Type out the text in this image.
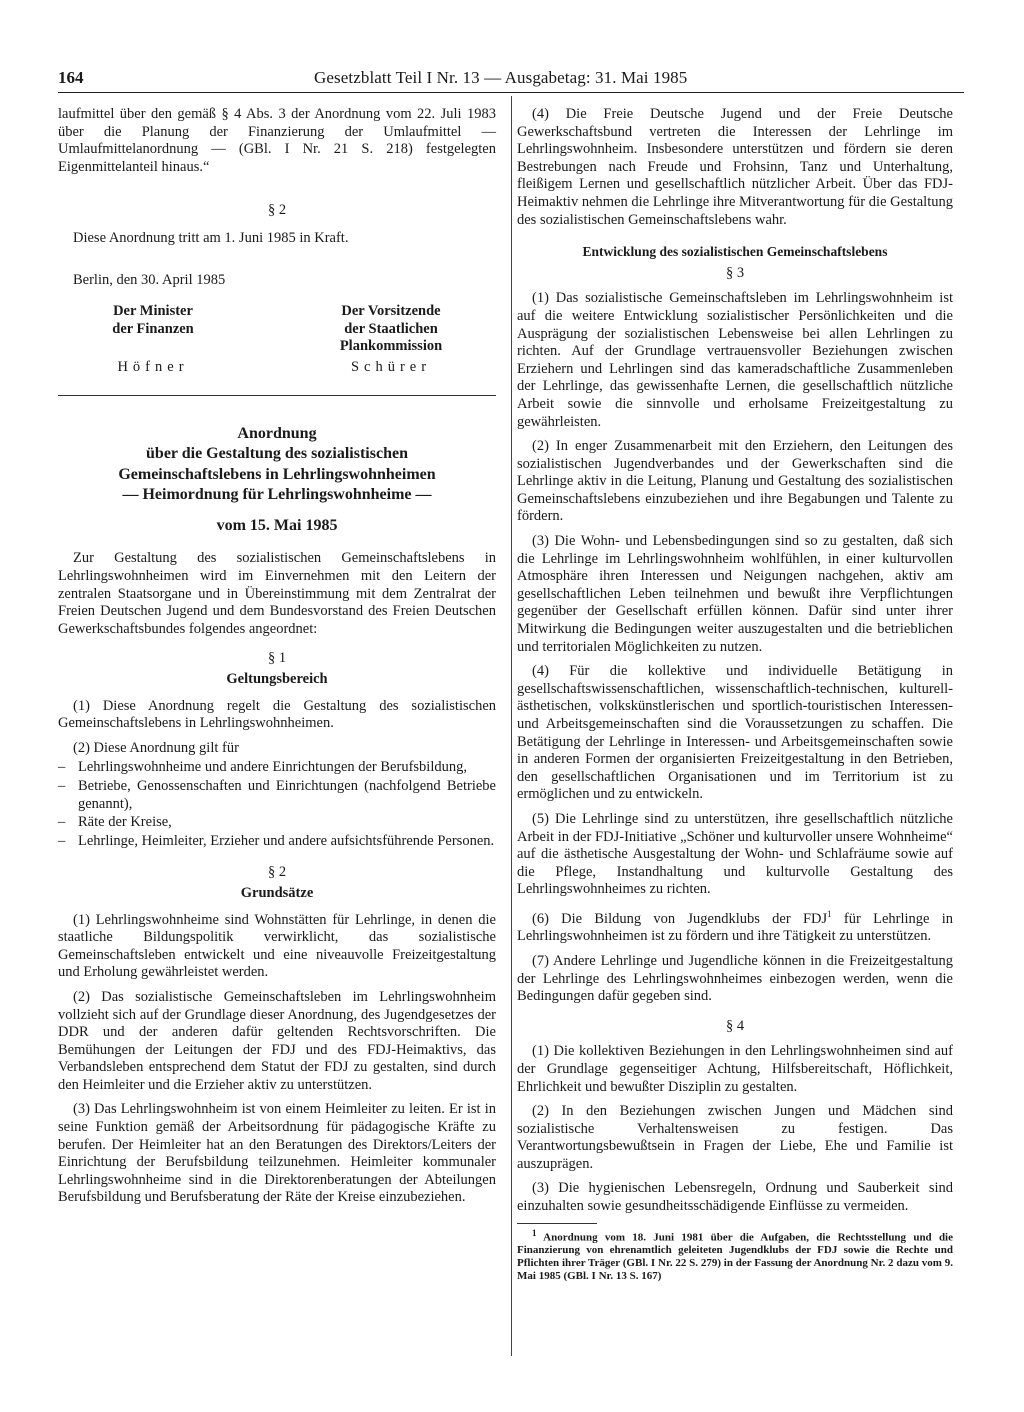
164	Gesetzblatt Teil I Nr. 13 — Ausgabetag: 31. Mai 1985

laufmittel über den gemäß § 4 Abs. 3 der Anordnung vom 22. Juli 1983 über die Planung der Finanzierung der Umlaufmittel — Umlaufmittelanordnung — (GBl. I Nr. 21 S. 218) festgelegten Eigenmittelanteil hinaus.“

§ 2

Diese Anordnung tritt am 1. Juni 1985 in Kraft.

Berlin, den 30. April 1985

Der Minister
der Finanzen
Höfner
Der Vorsitzende
der Staatlichen
Plankommission
Schürer
Anordnung
über die Gestaltung des sozialistischen
Gemeinschaftslebens in Lehrlingswohnheimen
— Heimordnung für Lehrlingswohnheime —
vom 15. Mai 1985

Zur Gestaltung des sozialistischen Gemeinschaftslebens in Lehrlingswohnheimen wird im Einvernehmen mit den Leitern der zentralen Staatsorgane und in Übereinstimmung mit dem Zentralrat der Freien Deutschen Jugend und dem Bundesvorstand des Freien Deutschen Gewerkschaftsbundes folgendes angeordnet:

§ 1
Geltungsbereich

(1) Diese Anordnung regelt die Gestaltung des sozialistischen Gemeinschaftslebens in Lehrlingswohnheimen.

(2) Diese Anordnung gilt für

– Lehrlingswohnheime und andere Einrichtungen der Berufsbildung,
– Betriebe, Genossenschaften und Einrichtungen (nachfolgend Betriebe genannt),
– Räte der Kreise,
– Lehrlinge, Heimleiter, Erzieher und andere aufsichtsführende Personen.
§ 2
Grundsätze

(1) Lehrlingswohnheime sind Wohnstätten für Lehrlinge, in denen die staatliche Bildungspolitik verwirklicht, das sozialistische Gemeinschaftsleben entwickelt und eine niveauvolle Freizeitgestaltung und Erholung gewährleistet werden.

(2) Das sozialistische Gemeinschaftsleben im Lehrlingswohnheim vollzieht sich auf der Grundlage dieser Anordnung, des Jugendgesetzes der DDR und der anderen dafür geltenden Rechtsvorschriften. Die Bemühungen der Leitungen der FDJ und des FDJ-Heimaktivs, das Verbandsleben entsprechend dem Statut der FDJ zu gestalten, sind durch den Heimleiter und die Erzieher aktiv zu unterstützen.

(3) Das Lehrlingswohnheim ist von einem Heimleiter zu leiten. Er ist in seine Funktion gemäß der Arbeitsordnung für pädagogische Kräfte zu berufen. Der Heimleiter hat an den Beratungen des Direktors/Leiters der Einrichtung der Berufsbildung teilzunehmen. Heimleiter kommunaler Lehrlingswohnheime sind in die Direktorenberatungen der Abteilungen Berufsbildung und Berufsberatung der Räte der Kreise einzubeziehen.

(4) Die Freie Deutsche Jugend und der Freie Deutsche Gewerkschaftsbund vertreten die Interessen der Lehrlinge im Lehrlingswohnheim. Insbesondere unterstützen und fördern sie deren Bestrebungen nach Freude und Frohsinn, Tanz und Unterhaltung, fleißigem Lernen und gesellschaftlich nützlicher Arbeit. Über das FDJ-Heimaktiv nehmen die Lehrlinge ihre Mitverantwortung für die Gestaltung des sozialistischen Gemeinschaftslebens wahr.

Entwicklung des sozialistischen Gemeinschaftslebens
§ 3

(1) Das sozialistische Gemeinschaftsleben im Lehrlingswohnheim ist auf die weitere Entwicklung sozialistischer Persönlichkeiten und die Ausprägung der sozialistischen Lebensweise bei allen Lehrlingen zu richten. Auf der Grundlage vertrauensvoller Beziehungen zwischen Erziehern und Lehrlingen sind das kameradschaftliche Zusammenleben der Lehrlinge, das gewissenhafte Lernen, die gesellschaftlich nützliche Arbeit sowie die sinnvolle und erholsame Freizeitgestaltung zu gewährleisten.

(2) In enger Zusammenarbeit mit den Erziehern, den Leitungen des sozialistischen Jugendverbandes und der Gewerkschaften sind die Lehrlinge aktiv in die Leitung, Planung und Gestaltung des sozialistischen Gemeinschaftslebens einzubeziehen und ihre Begabungen und Talente zu fördern.

(3) Die Wohn- und Lebensbedingungen sind so zu gestalten, daß sich die Lehrlinge im Lehrlingswohnheim wohlfühlen, in einer kulturvollen Atmosphäre ihren Interessen und Neigungen nachgehen, aktiv am gesellschaftlichen Leben teilnehmen und bewußt ihre Verpflichtungen gegenüber der Gesellschaft erfüllen können. Dafür sind unter ihrer Mitwirkung die Bedingungen weiter auszugestalten und die betrieblichen und territorialen Möglichkeiten zu nutzen.

(4) Für die kollektive und individuelle Betätigung in gesellschaftswissenschaftlichen, wissenschaftlich-technischen, kulturell-ästhetischen, volkskünstlerischen und sportlich-touristischen Interessen- und Arbeitsgemeinschaften sind die Voraussetzungen zu schaffen. Die Betätigung der Lehrlinge in Interessen- und Arbeitsgemeinschaften sowie in anderen Formen der organisierten Freizeitgestaltung in den Betrieben, den gesellschaftlichen Organisationen und im Territorium ist zu ermöglichen und zu entwickeln.

(5) Die Lehrlinge sind zu unterstützen, ihre gesellschaftlich nützliche Arbeit in der FDJ-Initiative „Schöner und kulturvoller unsere Wohnheime“ auf die ästhetische Ausgestaltung der Wohn- und Schlafräume sowie auf die Pflege, Instandhaltung und kulturvolle Gestaltung des Lehrlingswohnheimes zu richten.

(6) Die Bildung von Jugendklubs der FDJ$^1$ für Lehrlinge in Lehrlingswohnheimen ist zu fördern und ihre Tätigkeit zu unterstützen.

(7) Andere Lehrlinge und Jugendliche können in die Freizeitgestaltung der Lehrlinge des Lehrlingswohnheimes einbezogen werden, wenn die Bedingungen dafür gegeben sind.

§ 4

(1) Die kollektiven Beziehungen in den Lehrlingswohnheimen sind auf der Grundlage gegenseitiger Achtung, Hilfsbereitschaft, Höflichkeit, Ehrlichkeit und bewußter Disziplin zu gestalten.

(2) In den Beziehungen zwischen Jungen und Mädchen sind sozialistische Verhaltensweisen zu festigen. Das Verantwortungsbewußtsein in Fragen der Liebe, Ehe und Familie ist auszuprägen.

(3) Die hygienischen Lebensregeln, Ordnung und Sauberkeit sind einzuhalten sowie gesundheitsschädigende Einflüsse zu vermeiden.

$^1$ Anordnung vom 18. Juni 1981 über die Aufgaben, die Rechtsstellung und die Finanzierung von ehrenamtlich geleiteten Jugendklubs der FDJ sowie die Rechte und Pflichten ihrer Träger (GBl. I Nr. 22 S. 279) in der Fassung der Anordnung Nr. 2 dazu vom 9. Mai 1985 (GBl. I Nr. 13 S. 167)
